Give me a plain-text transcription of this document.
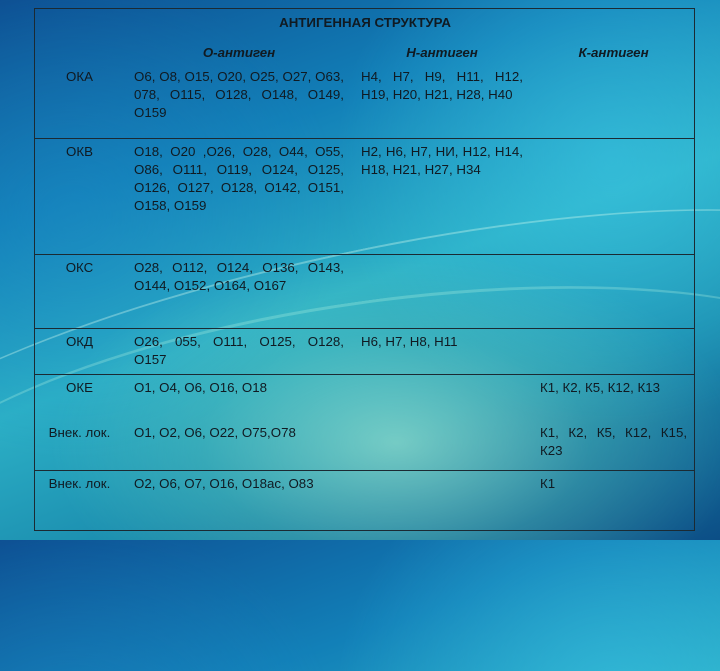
АНТИГЕННАЯ СТРУКТУРА			
	О-антиген	Н-антиген	К-антиген
ОКА	О6, О8, О15, О20, О25, О27, О63, 078, О115, О128, О148, О149, О159	Н4, Н7, Н9, Н11, Н12, Н19, Н20, Н21, Н28, Н40	
ОКВ	О18, О20 ,О26, О28, О44, О55, О86, О111, О119, О124, О125, О126, О127, О128, О142, О151, О158, О159	Н2, Н6, Н7, НИ, Н12, Н14, Н18, Н21, Н27, Н34	
ОКС	О28, О112, О124, О136, О143, О144, О152, О164, О167		
ОКД	О26, 055, О111, О125, О128, О157	Н6, Н7, Н8, Н11	
ОКЕ	О1, О4, О6, О16, О18		К1, К2, К5, К12, К13
Внек. лок.	О1, О2, О6, О22, О75,О78		К1, К2, К5, К12, К15, К23
Внек. лок.	О2, О6, О7, О16, О18ас, О83		К1
